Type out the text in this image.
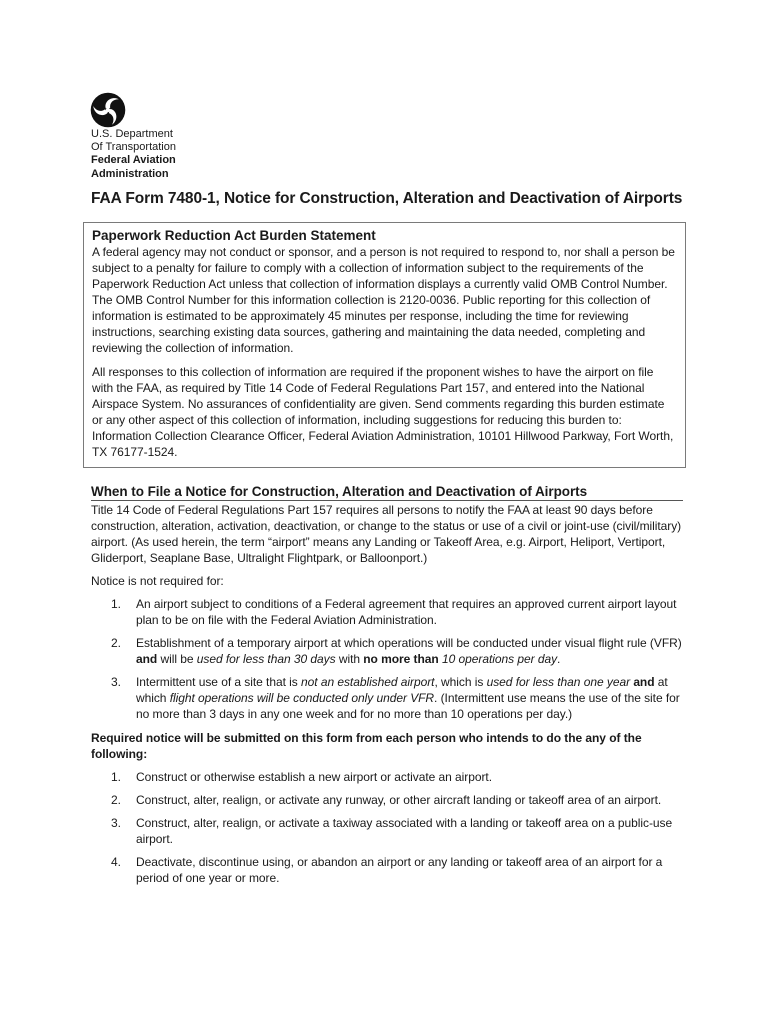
U.S. Department
Of Transportation
Federal Aviation
Administration
FAA Form 7480-1, Notice for Construction, Alteration and Deactivation of Airports
Paperwork Reduction Act Burden Statement

A federal agency may not conduct or sponsor, and a person is not required to respond to, nor shall a person be subject to a penalty for failure to comply with a collection of information subject to the requirements of the Paperwork Reduction Act unless that collection of information displays a currently valid OMB Control Number. The OMB Control Number for this information collection is 2120-0036. Public reporting for this collection of information is estimated to be approximately 45 minutes per response, including the time for reviewing instructions, searching existing data sources, gathering and maintaining the data needed, completing and reviewing the collection of information.

All responses to this collection of information are required if the proponent wishes to have the airport on file with the FAA, as required by Title 14 Code of Federal Regulations Part 157, and entered into the National Airspace System. No assurances of confidentiality are given. Send comments regarding this burden estimate or any other aspect of this collection of information, including suggestions for reducing this burden to: Information Collection Clearance Officer, Federal Aviation Administration, 10101 Hillwood Parkway, Fort Worth, TX 76177-1524.

When to File a Notice for Construction, Alteration and Deactivation of Airports

Title 14 Code of Federal Regulations Part 157 requires all persons to notify the FAA at least 90 days before construction, alteration, activation, deactivation, or change to the status or use of a civil or joint-use (civil/military) airport. (As used herein, the term “airport” means any Landing or Takeoff Area, e.g. Airport, Heliport, Vertiport, Gliderport, Seaplane Base, Ultralight Flightpark, or Balloonport.)

Notice is not required for:

1. An airport subject to conditions of a Federal agreement that requires an approved current airport layout plan to be on file with the Federal Aviation Administration.
2. Establishment of a temporary airport at which operations will be conducted under visual flight rule (VFR) and will be used for less than 30 days with no more than 10 operations per day.
3. Intermittent use of a site that is not an established airport, which is used for less than one year and at which flight operations will be conducted only under VFR. (Intermittent use means the use of the site for no more than 3 days in any one week and for no more than 10 operations per day.)

Required notice will be submitted on this form from each person who intends to do the any of the following:

1. Construct or otherwise establish a new airport or activate an airport.
2. Construct, alter, realign, or activate any runway, or other aircraft landing or takeoff area of an airport.
3. Construct, alter, realign, or activate a taxiway associated with a landing or takeoff area on a public-use airport.
4. Deactivate, discontinue using, or abandon an airport or any landing or takeoff area of an airport for a period of one year or more.
